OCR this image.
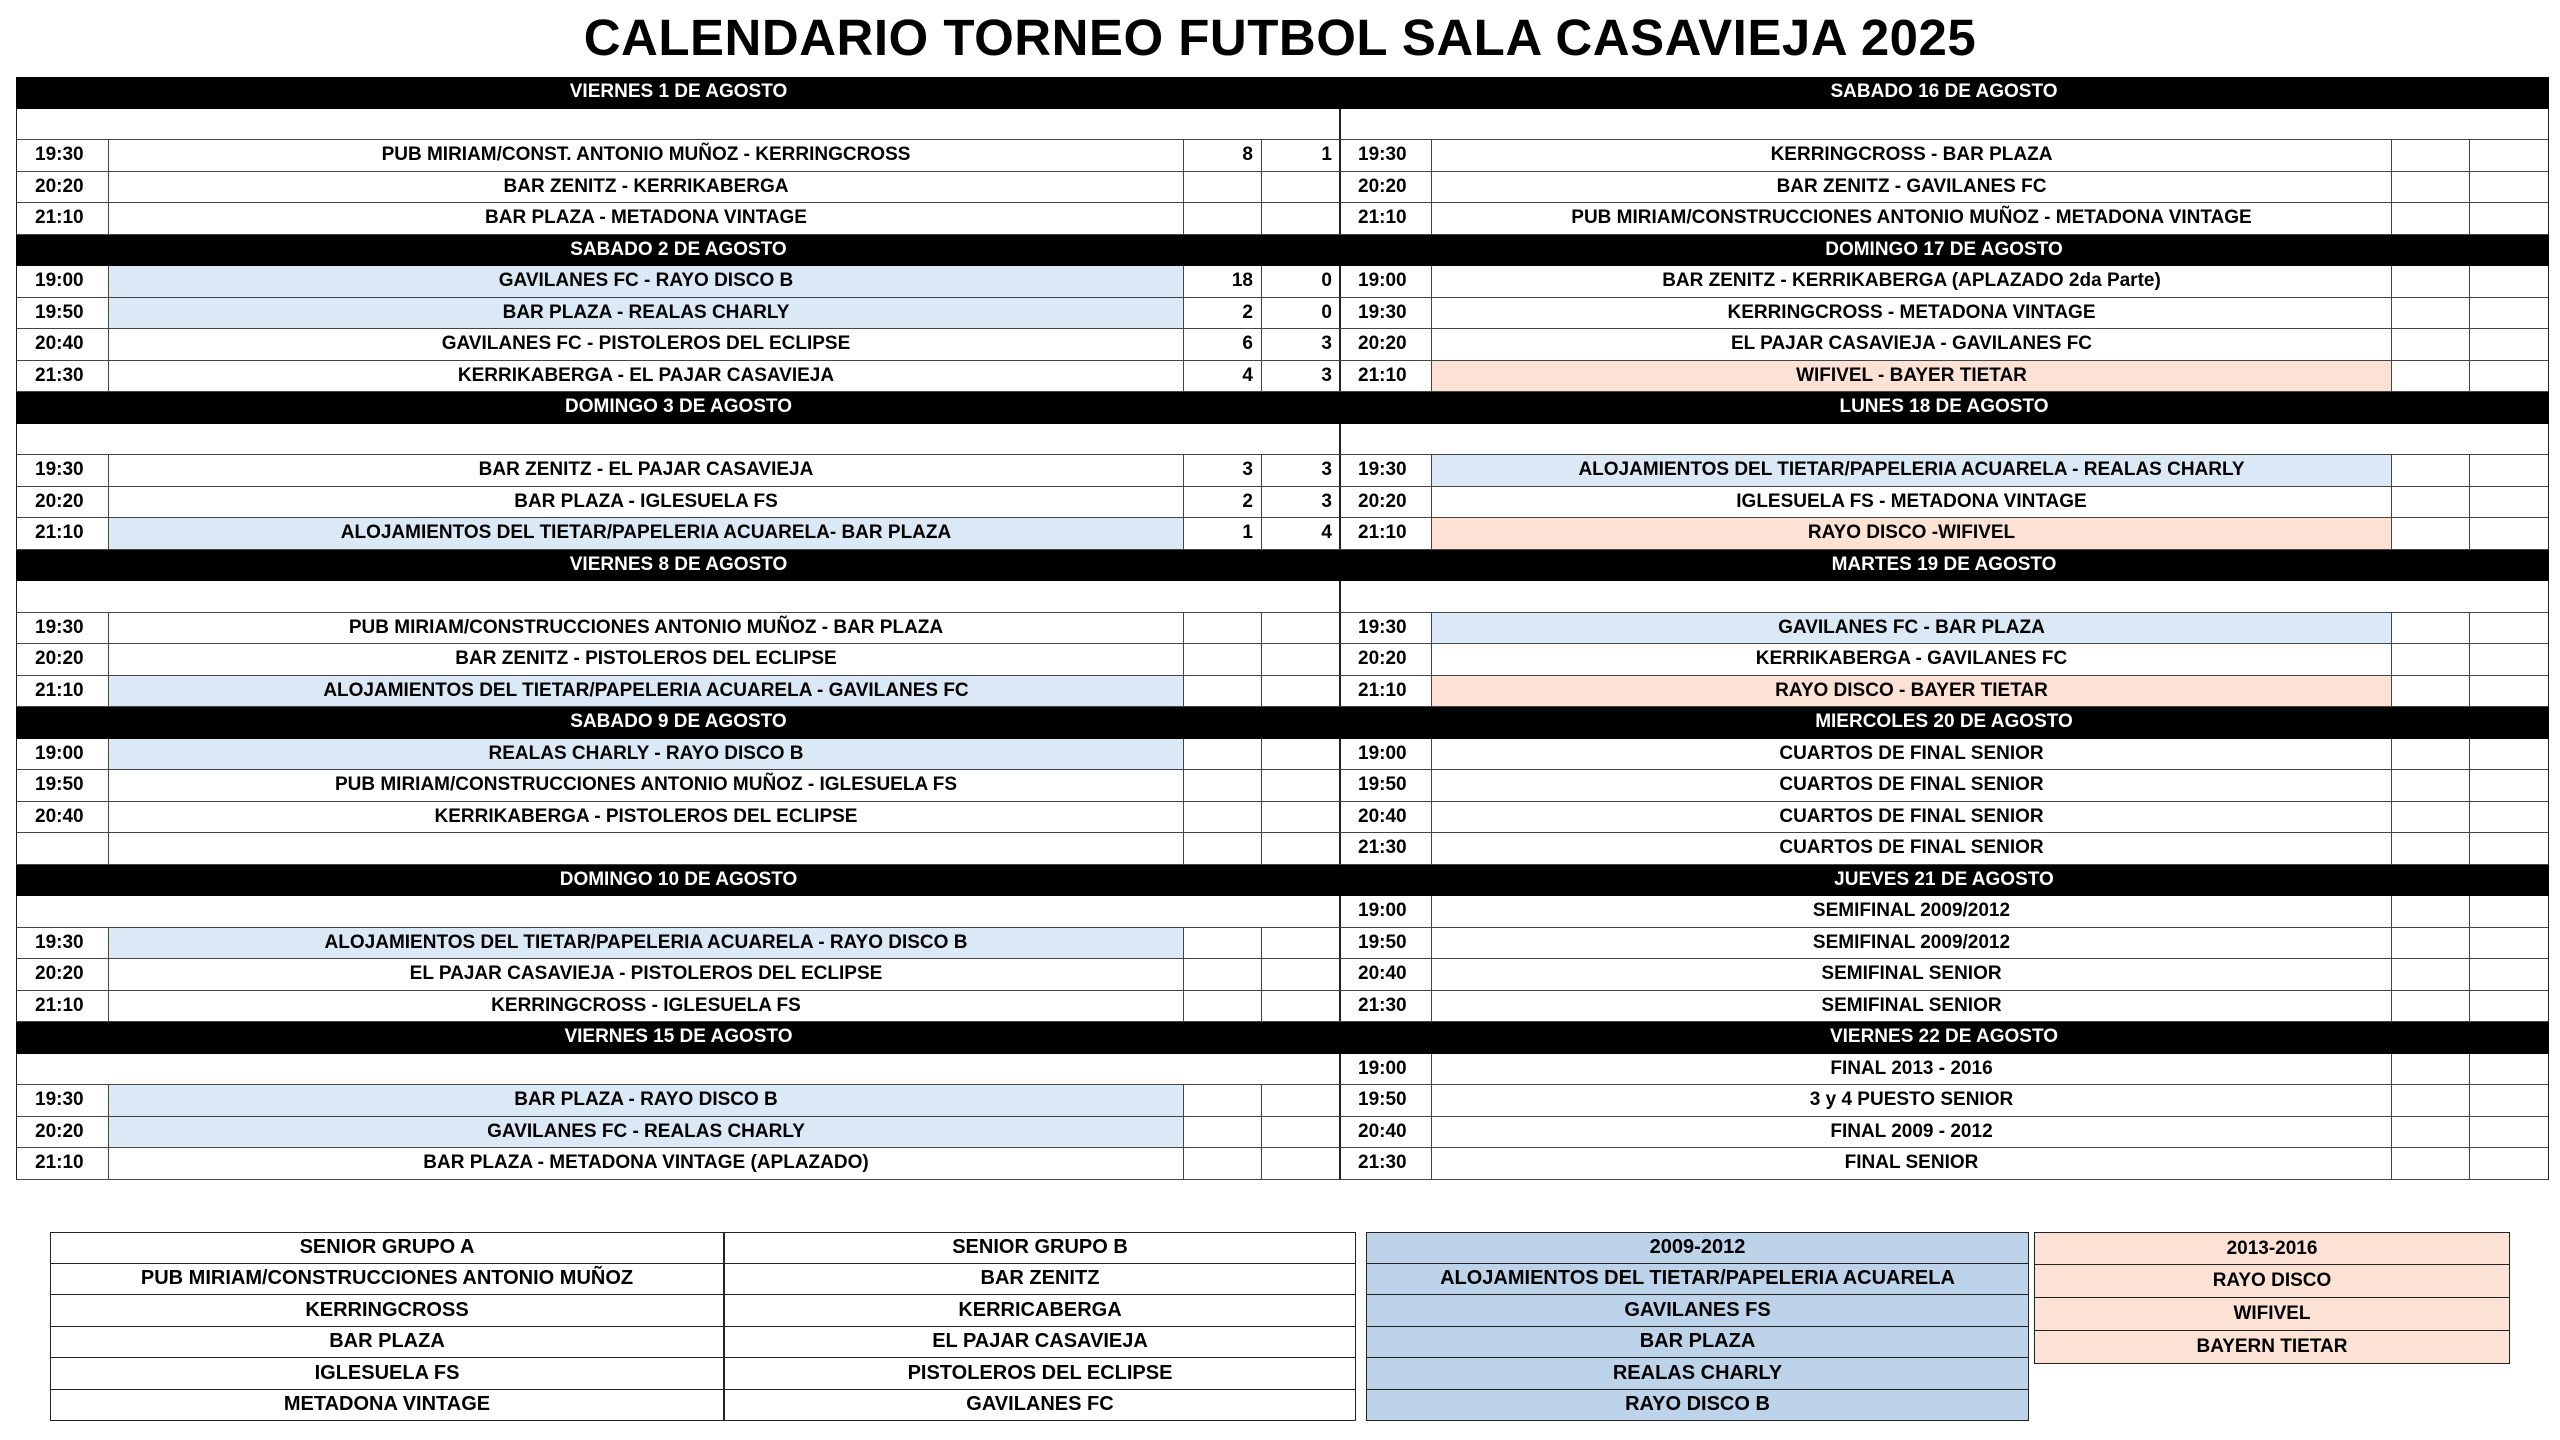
CALENDARIO TORNEO FUTBOL SALA CASAVIEJA 2025
VIERNES 1 DE AGOSTO
19:30	PUB MIRIAM/CONST. ANTONIO MUÑOZ - KERRINGCROSS	8	1
20:20	BAR ZENITZ - KERRIKABERGA
21:10	BAR PLAZA - METADONA VINTAGE
SABADO 2 DE AGOSTO
19:00	GAVILANES FC - RAYO DISCO B	18	0
19:50	BAR PLAZA - REALAS CHARLY	2	0
20:40	GAVILANES FC - PISTOLEROS DEL ECLIPSE	6	3
21:30	KERRIKABERGA - EL PAJAR CASAVIEJA	4	3
DOMINGO 3 DE AGOSTO
19:30	BAR ZENITZ - EL PAJAR CASAVIEJA	3	3
20:20	BAR PLAZA - IGLESUELA FS	2	3
21:10	ALOJAMIENTOS DEL TIETAR/PAPELERIA ACUARELA- BAR PLAZA	1	4
VIERNES 8 DE AGOSTO
19:30	PUB MIRIAM/CONSTRUCCIONES ANTONIO MUÑOZ - BAR PLAZA
20:20	BAR ZENITZ - PISTOLEROS DEL ECLIPSE
21:10	ALOJAMIENTOS DEL TIETAR/PAPELERIA ACUARELA - GAVILANES FC
SABADO 9 DE AGOSTO
19:00	REALAS CHARLY - RAYO DISCO B
19:50	PUB MIRIAM/CONSTRUCCIONES ANTONIO MUÑOZ - IGLESUELA FS
20:40	KERRIKABERGA - PISTOLEROS DEL ECLIPSE
DOMINGO 10 DE AGOSTO
19:30	ALOJAMIENTOS DEL TIETAR/PAPELERIA ACUARELA - RAYO DISCO B
20:20	EL PAJAR CASAVIEJA - PISTOLEROS DEL ECLIPSE
21:10	KERRINGCROSS - IGLESUELA FS
VIERNES 15 DE AGOSTO
19:30	BAR PLAZA - RAYO DISCO B
20:20	GAVILANES FC - REALAS CHARLY
21:10	BAR PLAZA - METADONA VINTAGE (APLAZADO)
SABADO 16 DE AGOSTO
19:30	KERRINGCROSS - BAR PLAZA
20:20	BAR ZENITZ - GAVILANES FC
21:10	PUB MIRIAM/CONSTRUCCIONES ANTONIO MUÑOZ - METADONA VINTAGE
DOMINGO 17 DE AGOSTO
19:00	BAR ZENITZ - KERRIKABERGA (APLAZADO 2da Parte)
19:30	KERRINGCROSS - METADONA VINTAGE
20:20	EL PAJAR CASAVIEJA - GAVILANES FC
21:10	WIFIVEL - BAYER TIETAR
LUNES 18 DE AGOSTO
19:30	ALOJAMIENTOS DEL TIETAR/PAPELERIA ACUARELA - REALAS CHARLY
20:20	IGLESUELA FS - METADONA VINTAGE
21:10	RAYO DISCO -WIFIVEL
MARTES 19 DE AGOSTO
19:30	GAVILANES FC - BAR PLAZA
20:20	KERRIKABERGA - GAVILANES FC
21:10	RAYO DISCO - BAYER TIETAR
MIERCOLES 20 DE AGOSTO
19:00	CUARTOS DE FINAL SENIOR
19:50	CUARTOS DE FINAL SENIOR
20:40	CUARTOS DE FINAL SENIOR
21:30	CUARTOS DE FINAL SENIOR
JUEVES 21 DE AGOSTO
19:00	SEMIFINAL 2009/2012
19:50	SEMIFINAL 2009/2012
20:40	SEMIFINAL SENIOR
21:30	SEMIFINAL SENIOR
VIERNES 22 DE AGOSTO
19:00	FINAL 2013 - 2016
19:50	3 y 4 PUESTO SENIOR
20:40	FINAL 2009 - 2012
21:30	FINAL SENIOR
SENIOR GRUPO A
PUB MIRIAM/CONSTRUCCIONES ANTONIO MUÑOZ
KERRINGCROSS
BAR PLAZA
IGLESUELA FS
METADONA VINTAGE
SENIOR GRUPO B
BAR ZENITZ
KERRICABERGA
EL PAJAR CASAVIEJA
PISTOLEROS DEL ECLIPSE
GAVILANES FC
2009-2012
ALOJAMIENTOS DEL TIETAR/PAPELERIA ACUARELA
GAVILANES FS
BAR PLAZA
REALAS CHARLY
RAYO DISCO B
2013-2016
RAYO DISCO
WIFIVEL
BAYERN TIETAR
